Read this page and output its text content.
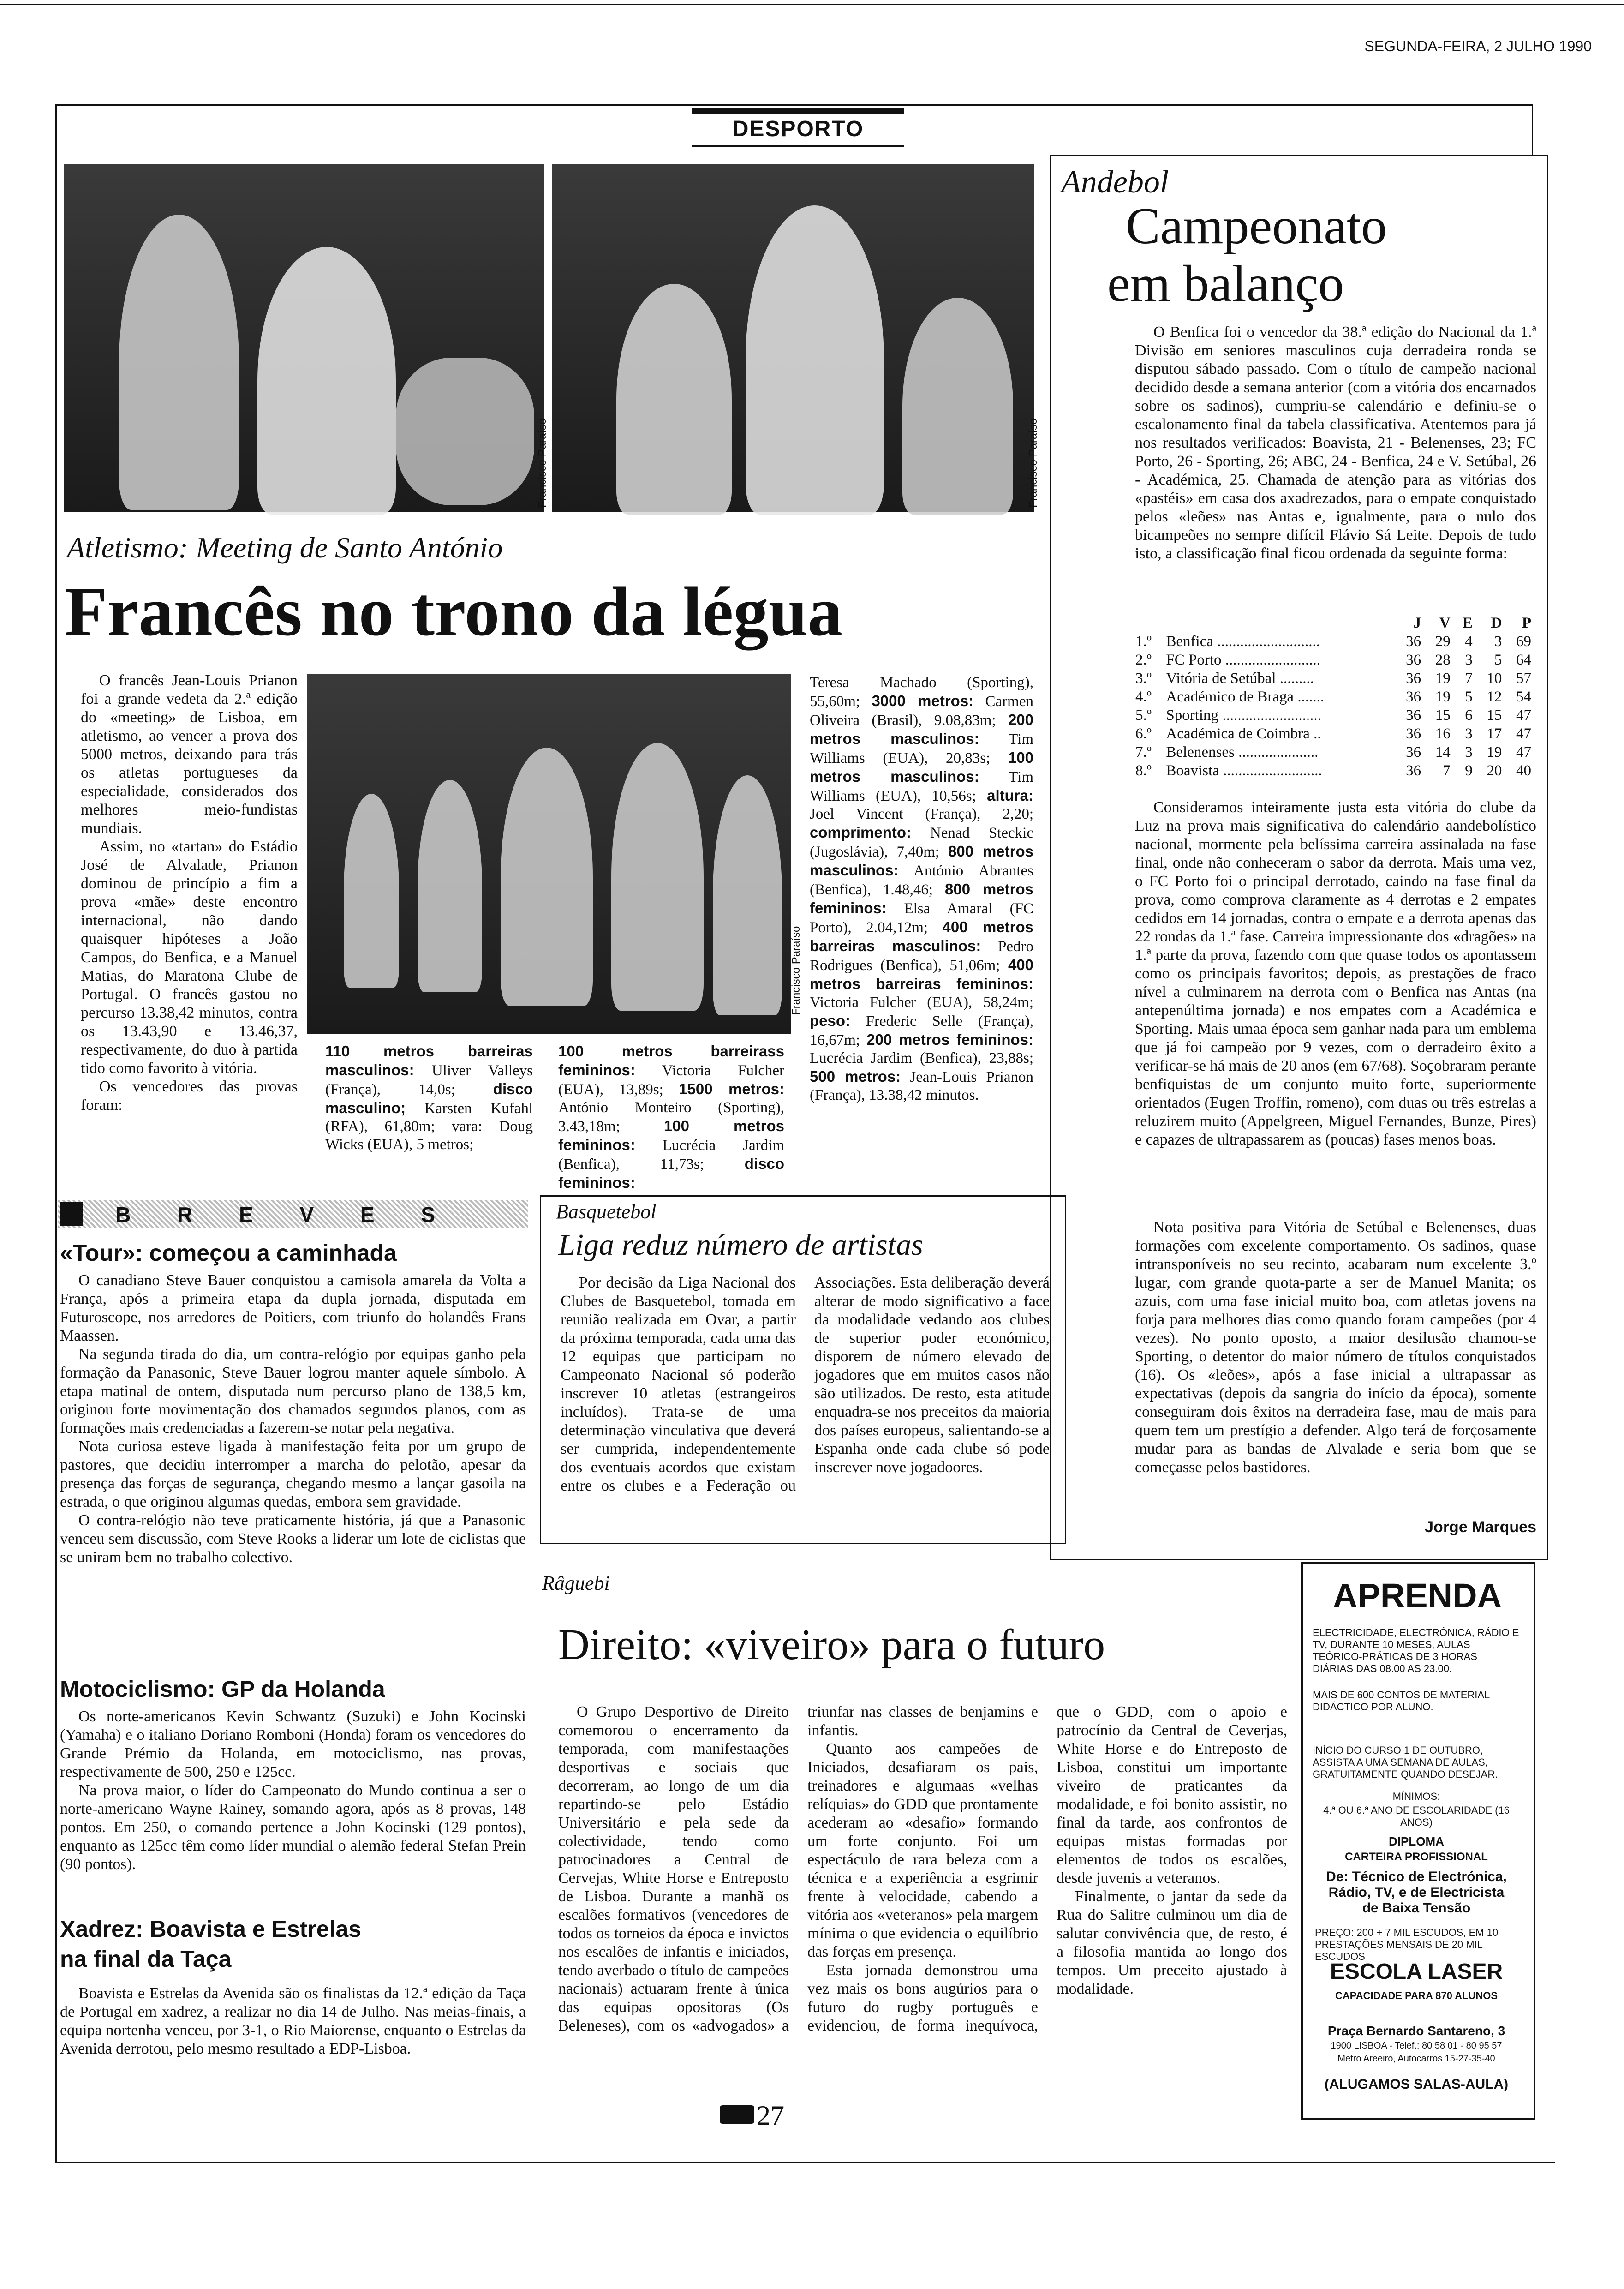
SEGUNDA-FEIRA, 2 JULHO 1990
DESPORTO
Francisco Paraíso	Francisco Paraíso
Atletismo: Meeting de Santo António
Francês no trono da légua

O francês Jean-Louis Prianon foi a grande vedeta da 2.ª edição do «meeting» de Lisboa, em atletismo, ao vencer a prova dos 5000 metros, deixando para trás os atletas portugueses da especialidade, considerados dos melhores meio-fundistas mundiais.

Assim, no «tartan» do Estádio José de Alvalade, Prianon dominou de princípio a fim a prova «mãe» deste encontro internacional, não dando quaisquer hipóteses a João Campos, do Benfica, e a Manuel Matias, do Maratona Clube de Portugal. O francês gastou no percurso 13.38,42 minutos, contra os 13.43,90 e 13.46,37, respectivamente, do duo à partida tido como favorito à vitória.

Os vencedores das provas foram:

Francisco Paraíso
110 metros barreiras masculinos: Uliver Valleys (França), 14,0s; disco masculino; Karsten Kufahl (RFA), 61,80m; vara: Doug Wicks (EUA), 5 metros;
100 metros barreirass femininos: Victoria Fulcher (EUA), 13,89s; 1500 metros: António Monteiro (Sporting), 3.43,18m; 100 metros femininos: Lucrécia Jardim (Benfica), 11,73s; disco femininos:
Teresa Machado (Sporting), 55,60m; 3000 metros: Carmen Oliveira (Brasil), 9.08,83m; 200 metros masculinos: Tim Williams (EUA), 20,83s; 100 metros masculinos: Tim Williams (EUA), 10,56s; altura: Joel Vincent (França), 2,20; comprimento: Nenad Steckic (Jugoslávia), 7,40m; 800 metros masculinos: António Abrantes (Benfica), 1.48,46; 800 metros femininos: Elsa Amaral (FC Porto), 2.04,12m; 400 metros barreiras masculinos: Pedro Rodrigues (Benfica), 51,06m; 400 metros barreiras femininos: Victoria Fulcher (EUA), 58,24m; peso: Frederic Selle (França), 16,67m; 200 metros femininos: Lucrécia Jardim (Benfica), 23,88s; 500 metros: Jean-Louis Prianon (França), 13.38,42 minutos.
Andebol
Campeonato
em balanço
O Benfica foi o vencedor da 38.ª edição do Nacional da 1.ª Divisão em seniores masculinos cuja derradeira ronda se disputou sábado passado. Com o título de campeão nacional decidido desde a semana anterior (com a vitória dos encarnados sobre os sadinos), cumpriu-se calendário e definiu-se o escalonamento final da tabela classificativa. Atentemos para já nos resultados verificados: Boavista, 21 - Belenenses, 23; FC Porto, 26 - Sporting, 26; ABC, 24 - Benfica, 24 e V. Setúbal, 26 - Académica, 25. Chamada de atenção para as vitórias dos «pastéis» em casa dos axadrezados, para o empate conquistado pelos «leões» nas Antas e, igualmente, para o nulo dos bicampeões no sempre difícil Flávio Sá Leite. Depois de tudo isto, a classificação final ficou ordenada da seguinte forma:
		J	V	E	D	P
1.º	Benfica ...........................	36	29	4	3	69
2.º	FC Porto .........................	36	28	3	5	64
3.º	Vitória de Setúbal .........	36	19	7	10	57
4.º	Académico de Braga .......	36	19	5	12	54
5.º	Sporting ..........................	36	15	6	15	47
6.º	Académica de Coimbra ..	36	16	3	17	47
7.º	Belenenses .....................	36	14	3	19	47
8.º	Boavista ..........................	36	7	9	20	40
Consideramos inteiramente justa esta vitória do clube da Luz na prova mais significativa do calendário aandebolístico nacional, mormente pela belíssima carreira assinalada na fase final, onde não conheceram o sabor da derrota. Mais uma vez, o FC Porto foi o principal derrotado, caindo na fase final da prova, como comprova claramente as 4 derrotas e 2 empates cedidos em 14 jornadas, contra o empate e a derrota apenas das 22 rondas da 1.ª fase. Carreira impressionante dos «dragões» na 1.ª parte da prova, fazendo com que quase todos os apontassem como os principais favoritos; depois, as prestações de fraco nível a culminarem na derrota com o Benfica nas Antas (na antepenúltima jornada) e nos empates com a Académica e Sporting. Mais umaa época sem ganhar nada para um emblema que já foi campeão por 9 vezes, com o derradeiro êxito a verificar-se há mais de 20 anos (em 67/68). Soçobraram perante benfiquistas de um conjunto muito forte, superiormente orientados (Eugen Troffin, romeno), com duas ou três estrelas a reluzirem muito (Appelgreen, Miguel Fernandes, Bunze, Pires) e capazes de ultrapassarem as (poucas) fases menos boas.
Nota positiva para Vitória de Setúbal e Belenenses, duas formações com excelente comportamento. Os sadinos, quase intransponíveis no seu recinto, acabaram num excelente 3.º lugar, com grande quota-parte a ser de Manuel Manita; os azuis, com uma fase inicial muito boa, com atletas jovens na forja para melhores dias como quando foram campeões (por 4 vezes). No ponto oposto, a maior desilusão chamou-se Sporting, o detentor do maior número de títulos conquistados (16). Os «leões», após a fase inicial a ultrapassar as expectativas (depois da sangria do início da época), somente conseguiram dois êxitos na derradeira fase, mau de mais para quem tem um prestígio a defender. Algo terá de forçosamente mudar para as bandas de Alvalade e seria bom que se começasse pelos bastidores.
Jorge Marques
B R E V E S
«Tour»: começou a caminhada

O canadiano Steve Bauer conquistou a camisola amarela da Volta a França, após a primeira etapa da dupla jornada, disputada em Futuroscope, nos arredores de Poitiers, com triunfo do holandês Frans Maassen.

Na segunda tirada do dia, um contra-relógio por equipas ganho pela formação da Panasonic, Steve Bauer logrou manter aquele símbolo. A etapa matinal de ontem, disputada num percurso plano de 138,5 km, originou forte movimentação dos chamados segundos planos, com as formações mais credenciadas a fazerem-se notar pela negativa.

Nota curiosa esteve ligada à manifestação feita por um grupo de pastores, que decidiu interromper a marcha do pelotão, apesar da presença das forças de segurança, chegando mesmo a lançar gasoila na estrada, o que originou algumas quedas, embora sem gravidade.

O contra-relógio não teve praticamente história, já que a Panasonic venceu sem discussão, com Steve Rooks a liderar um lote de ciclistas que se uniram bem no trabalho colectivo.

Motociclismo: GP da Holanda

Os norte-americanos Kevin Schwantz (Suzuki) e John Kocinski (Yamaha) e o italiano Doriano Romboni (Honda) foram os vencedores do Grande Prémio da Holanda, em motociclismo, nas provas, respectivamente de 500, 250 e 125cc.

Na prova maior, o líder do Campeonato do Mundo continua a ser o norte-americano Wayne Rainey, somando agora, após as 8 provas, 148 pontos. Em 250, o comando pertence a John Kocinski (129 pontos), enquanto as 125cc têm como líder mundial o alemão federal Stefan Prein (90 pontos).

Xadrez: Boavista e Estrelas
na final da Taça

Boavista e Estrelas da Avenida são os finalistas da 12.ª edição da Taça de Portugal em xadrez, a realizar no dia 14 de Julho. Nas meias-finais, a equipa nortenha venceu, por 3-1, o Rio Maiorense, enquanto o Estrelas da Avenida derrotou, pelo mesmo resultado a EDP-Lisboa.

Basquetebol
Liga reduz número de artistas

Por decisão da Liga Nacional dos Clubes de Basquetebol, tomada em reunião realizada em Ovar, a partir da próxima temporada, cada uma das 12 equipas que participam no Campeonato Nacional só poderão inscrever 10 atletas (estrangeiros incluídos). Trata-se de uma determinação vinculativa que deverá ser cumprida, independentemente dos eventuais acordos que existam entre os clubes e a Federação ou Associações. Esta deliberação deverá alterar de modo significativo a face da modalidade vedando aos clubes de superior poder económico, disporem de número elevado de jogadores que em muitos casos não são utilizados. De resto, esta atitude enquadra-se nos preceitos da maioria dos países europeus, salientando-se a Espanha onde cada clube só pode inscrever nove jogadoores.

Râguebi
Direito: «viveiro» para o futuro

O Grupo Desportivo de Direito comemorou o encerramento da temporada, com manifestaações desportivas e sociais que decorreram, ao longo de um dia repartindo-se pelo Estádio Universitário e pela sede da colectividade, tendo como patrocinadores a Central de Cervejas, White Horse e Entreposto de Lisboa. Durante a manhã os escalões formativos (vencedores de todos os torneios da época e invictos nos escalões de infantis e iniciados, tendo averbado o título de campeões nacionais) actuaram frente à única das equipas opositoras (Os Beleneses), com os «advogados» a triunfar nas classes de benjamins e infantis.

Quanto aos campeões de Iniciados, desafiaram os pais, treinadores e algumaas «velhas relíquias» do GDD que prontamente acederam ao «desafio» formando um forte conjunto. Foi um espectáculo de rara beleza com a técnica e a experiência a esgrimir frente à velocidade, cabendo a vitória aos «veteranos» pela margem mínima o que evidencia o equilíbrio das forças em presença.

Esta jornada demonstrou uma vez mais os bons augúrios para o futuro do rugby português e evidenciou, de forma inequívoca, que o GDD, com o apoio e patrocínio da Central de Ceverjas, White Horse e do Entreposto de Lisboa, constitui um importante viveiro de praticantes da modalidade, e foi bonito assistir, no final da tarde, aos confrontos de equipas mistas formadas por elementos de todos os escalões, desde juvenis a veteranos.

Finalmente, o jantar da sede da Rua do Salitre culminou um dia de salutar convivência que, de resto, é a filosofia mantida ao longo dos tempos. Um preceito ajustado à modalidade.

APRENDA
ELECTRICIDADE, ELECTRÓNICA, RÁDIO E TV, DURANTE 10 MESES, AULAS TEÓRICO-PRÁTICAS DE 3 HORAS DIÁRIAS DAS 08.00 AS 23.00.
MAIS DE 600 CONTOS DE MATERIAL DIDÁCTICO POR ALUNO.
INÍCIO DO CURSO 1 DE OUTUBRO, ASSISTA A UMA SEMANA DE AULAS, GRATUITAMENTE QUANDO DESEJAR.
MÍNIMOS:
4.ª OU 6.ª ANO DE ESCOLARIDADE (16 ANOS)
DIPLOMA
CARTEIRA PROFISSIONAL
De: Técnico de Electrónica, Rádio, TV, e de Electricista de Baixa Tensão
PREÇO: 200 + 7 MIL ESCUDOS, EM 10 PRESTAÇÕES MENSAIS DE 20 MIL ESCUDOS
ESCOLA LASER
CAPACIDADE PARA 870 ALUNOS
Praça Bernardo Santareno, 3
1900 LISBOA - Telef.: 80 58 01 - 80 95 57
Metro Areeiro, Autocarros 15-27-35-40
(ALUGAMOS SALAS-AULA)
27
